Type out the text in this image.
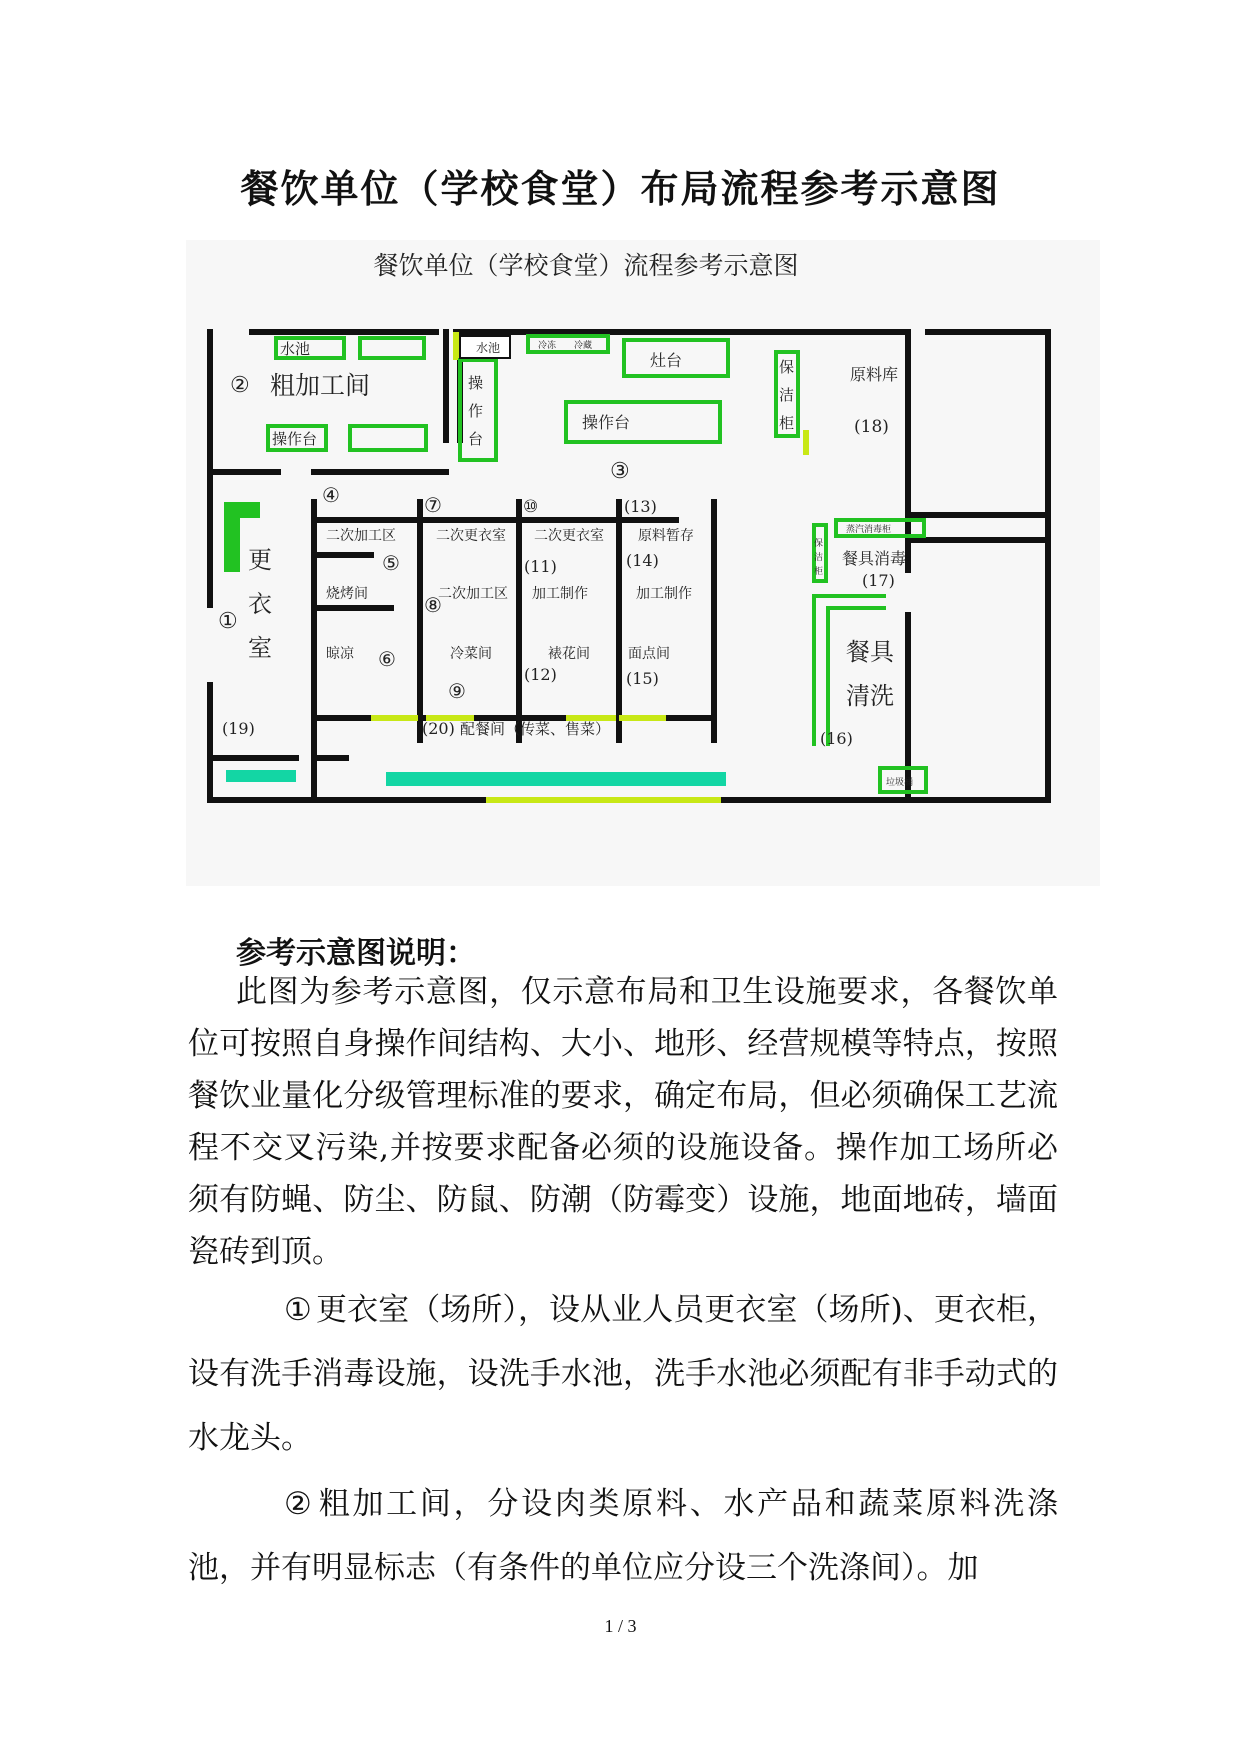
餐饮单位（学校食堂）布局流程参考示意图
餐饮单位（学校食堂）流程参考示意图
水池	水池
② 粗加工间
操作台
操
作
台
冷冻 冷藏
灶台
操作台
③
保
洁
柜
原料库
(18)
④
二次加工区
⑦
二次更衣室
⑩
二次更衣室
(13)
原料暂存
⑤
烧烤间	二次加工区
⑧
(11)
加工制作
(14)
加工制作
晾凉 ⑥	冷菜间	裱花间
(12)
面点间
(15)
⑨
蒸汽消毒柜
保
洁
柜
餐具消毒
(17)
餐具
清洗
(16)
垃圾桶
更
衣
室
①
(19)	(20) 配餐间（传菜、售菜）
参考示意图说明：

此图为参考示意图，仅示意布局和卫生设施要求，各餐饮单位可按照自身操作间结构、大小、地形、经营规模等特点，按照餐饮业量化分级管理标准的要求，确定布局，但必须确保工艺流程不交叉污染,并按要求配备必须的设施设备。操作加工场所必须有防蝇、防尘、防鼠、防潮（防霉变）设施，地面地砖，墙面瓷砖到顶。

① 更衣室（场所），设从业人员更衣室（场所)、更衣柜，设有洗手消毒设施，设洗手水池，洗手水池必须配有非手动式的水龙头。

② 粗加工间，分设肉类原料、水产品和蔬菜原料洗涤池，并有明显标志（有条件的单位应分设三个洗涤间）。加

1 / 3
